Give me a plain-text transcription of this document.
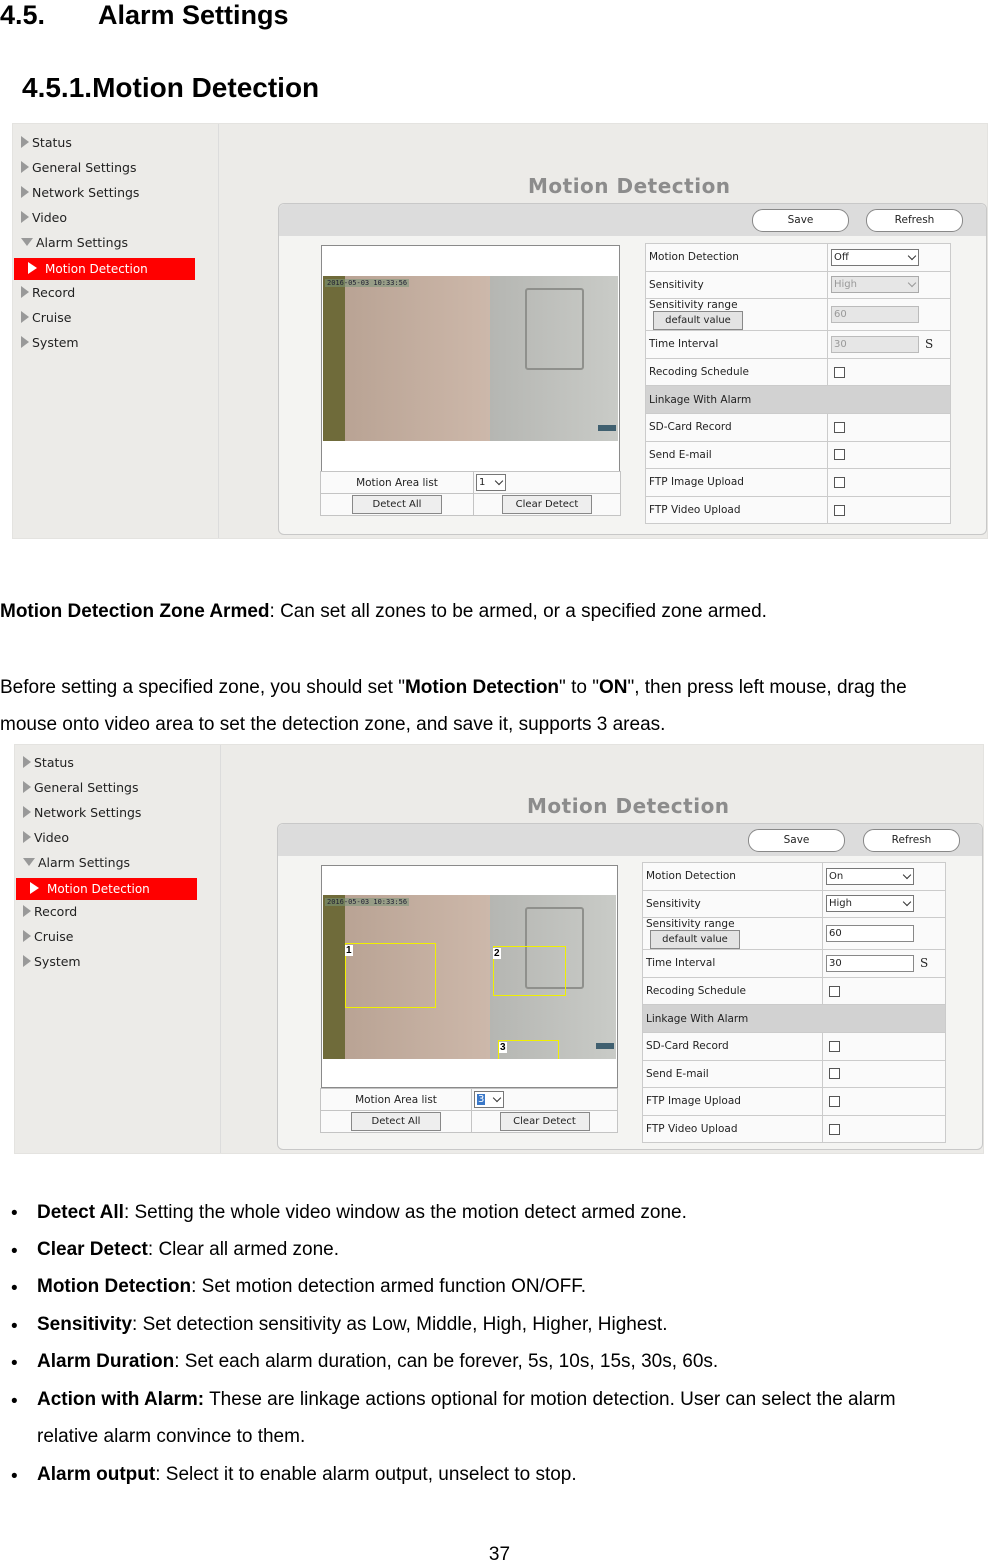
4.5. Alarm Settings
4.5.1.Motion Detection
Status
General Settings
Network Settings
Video
Alarm Settings
Motion Detection
Record
Cruise
System
Motion Detection
Save	Refresh
2016-05-03 10:33:56
Motion Area list	1

Detect All	Clear Detect
Motion Detection	Off

Sensitivity	High

Sensitivity rangedefault value	60
Time Interval	30 S
Recoding Schedule	
Linkage With Alarm	
SD-Card Record	
Send E-mail	
FTP Image Upload	
FTP Video Upload	
Motion Detection Zone Armed: Can set all zones to be armed, or a specified zone armed.
Before setting a specified zone, you should set "Motion Detection" to "ON", then press left mouse, drag the
mouse onto video area to set the detection zone, and save it, supports 3 areas.
Status
General Settings
Network Settings
Video
Alarm Settings
Motion Detection
Record
Cruise
System
Motion Detection
Save	Refresh
2016-05-03 10:33:56
1	2
3
Motion Area list	3

Detect All	Clear Detect
Motion Detection	On

Sensitivity	High

Sensitivity rangedefault value	60
Time Interval	30 S
Recoding Schedule	
Linkage With Alarm	
SD-Card Record	
Send E-mail	
FTP Image Upload	
FTP Video Upload	
• Detect All: Setting the whole video window as the motion detect armed zone.
• Clear Detect: Clear all armed zone.
• Motion Detection: Set motion detection armed function ON/OFF.
• Sensitivity: Set detection sensitivity as Low, Middle, High, Higher, Highest.
• Alarm Duration: Set each alarm duration, can be forever, 5s, 10s, 15s, 30s, 60s.
• Action with Alarm: These are linkage actions optional for motion detection. User can select the alarm
relative alarm convince to them.
• Alarm output: Select it to enable alarm output, unselect to stop.
37
